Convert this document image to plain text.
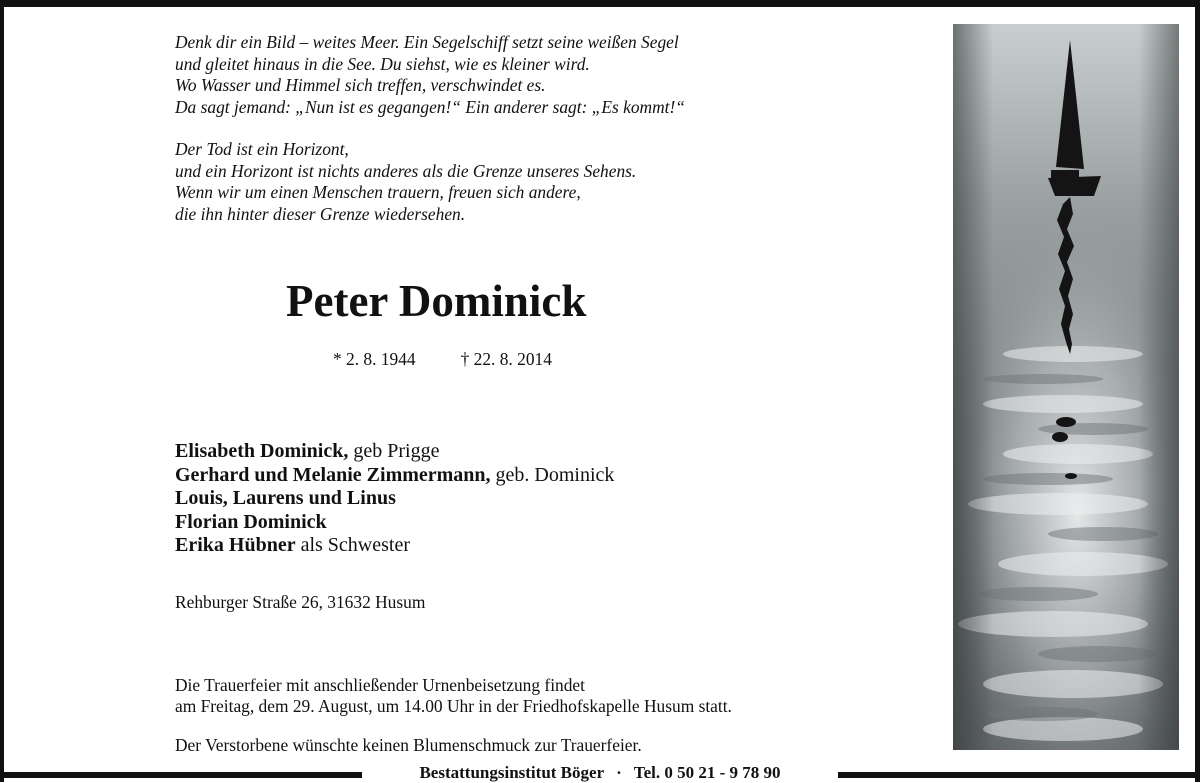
Denk dir ein Bild – weites Meer. Ein Segelschiff setzt seine weißen Segel
und gleitet hinaus in die See. Du siehst, wie es kleiner wird.
Wo Wasser und Himmel sich treffen, verschwindet es.
Da sagt jemand: „Nun ist es gegangen!“ Ein anderer sagt: „Es kommt!“
Der Tod ist ein Horizont,
und ein Horizont ist nichts anderes als die Grenze unseres Sehens.
Wenn wir um einen Menschen trauern, freuen sich andere,
die ihn hinter dieser Grenze wiedersehen.
Peter Dominick
* 2. 8. 1944	† 22. 8. 2014
Elisabeth Dominick, geb Prigge
Gerhard und Melanie Zimmermann, geb. Dominick
Louis, Laurens und Linus
Florian Dominick
Erika Hübner als Schwester
Rehburger Straße 26, 31632 Husum
Die Trauerfeier mit anschließender Urnenbeisetzung findet
am Freitag, dem 29. August, um 14.00 Uhr in der Friedhofskapelle Husum statt.
Der Verstorbene wünschte keinen Blumenschmuck zur Trauerfeier.
Bestattungsinstitut Böger · Tel. 0 50 21 - 9 78 90
